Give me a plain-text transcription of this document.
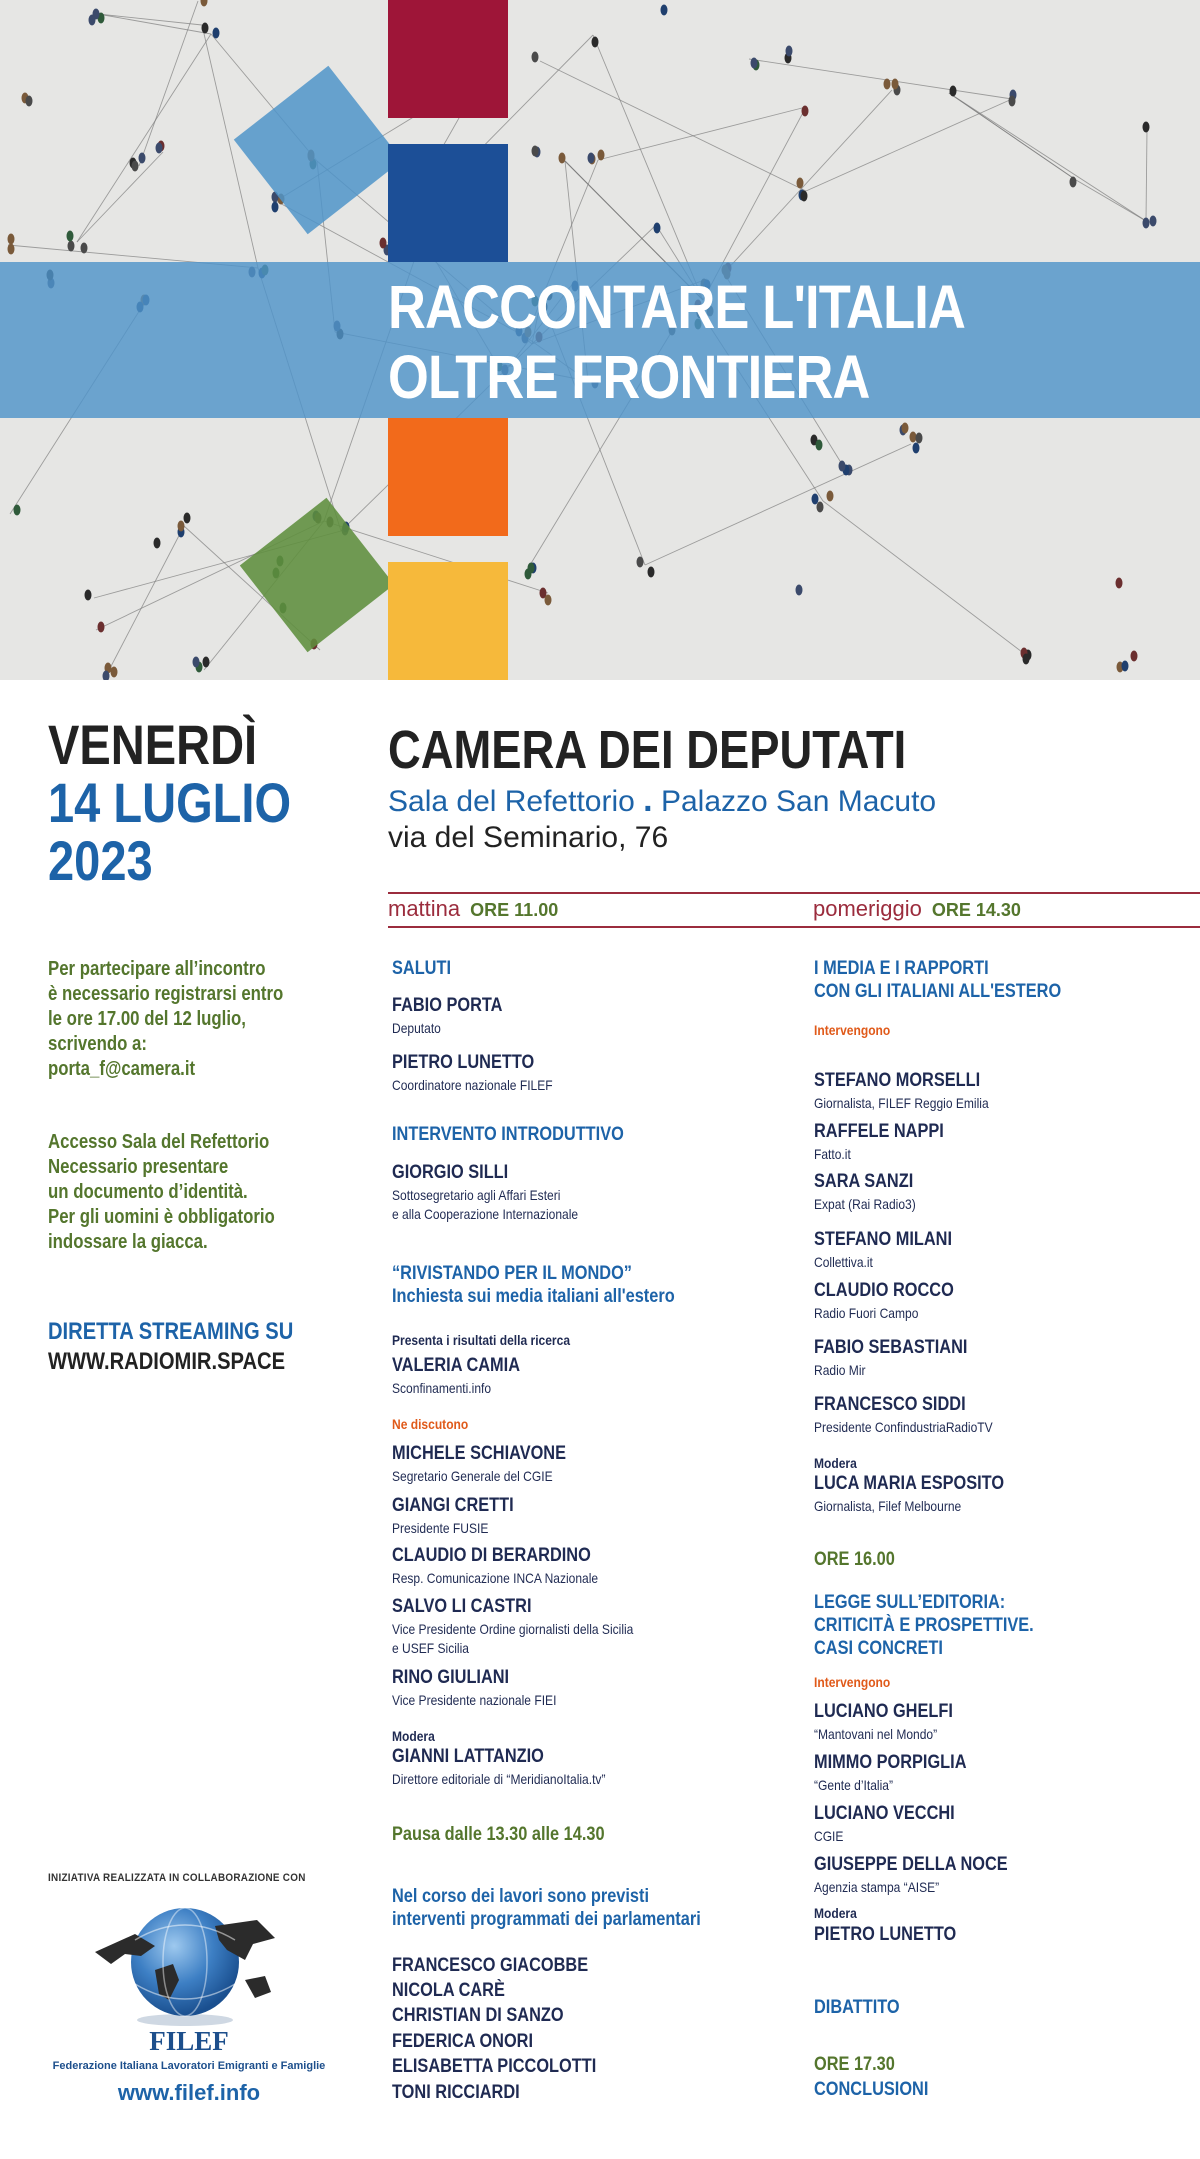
RACCONTARE L'ITALIA
OLTRE FRONTIERA
VENERDÌ
14 LUGLIO
2023
Per partecipare all’incontro
è necessario registrarsi entro
le ore 17.00 del 12 luglio,
scrivendo a:
porta_f@camera.it
Accesso Sala del Refettorio
Necessario presentare
un documento d’identità.
Per gli uomini è obbligatorio
indossare la giacca.
DIRETTA STREAMING SU
WWW.RADIOMIR.SPACE
INIZIATIVA REALIZZATA IN COLLABORAZIONE CON
FILEF
Federazione Italiana Lavoratori Emigranti e Famiglie
www.filef.info
CAMERA DEI DEPUTATI
Sala del Refettorio . Palazzo San Macuto
via del Seminario, 76
mattina ORE 11.00	pomeriggio ORE 14.30
SALUTI
FABIO PORTA
Deputato
PIETRO LUNETTO
Coordinatore nazionale FILEF
INTERVENTO INTRODUTTIVO
GIORGIO SILLI
Sottosegretario agli Affari Esteri
e alla Cooperazione Internazionale
“RIVISTANDO PER IL MONDO”
Inchiesta sui media italiani all'estero
Presenta i risultati della ricerca
VALERIA CAMIA
Sconfinamenti.info
Ne discutono
MICHELE SCHIAVONE
Segretario Generale del CGIE
GIANGI CRETTI
Presidente FUSIE
CLAUDIO DI BERARDINO
Resp. Comunicazione INCA Nazionale
SALVO LI CASTRI
Vice Presidente Ordine giornalisti della Sicilia
e USEF Sicilia
RINO GIULIANI
Vice Presidente nazionale FIEI
Modera
GIANNI LATTANZIO
Direttore editoriale di “MeridianoItalia.tv”
Pausa dalle 13.30 alle 14.30
Nel corso dei lavori sono previsti
interventi programmati dei parlamentari
FRANCESCO GIACOBBE
NICOLA CARÈ
CHRISTIAN DI SANZO
FEDERICA ONORI
ELISABETTA PICCOLOTTI
TONI RICCIARDI
I MEDIA E I RAPPORTI
CON GLI ITALIANI ALL'ESTERO
Intervengono
STEFANO MORSELLI
Giornalista, FILEF Reggio Emilia
RAFFELE NAPPI
Fatto.it
SARA SANZI
Expat (Rai Radio3)
STEFANO MILANI
Collettiva.it
CLAUDIO ROCCO
Radio Fuori Campo
FABIO SEBASTIANI
Radio Mir
FRANCESCO SIDDI
Presidente ConfindustriaRadioTV
Modera
LUCA MARIA ESPOSITO
Giornalista, Filef Melbourne
ORE 16.00
LEGGE SULL’EDITORIA:
CRITICITÀ E PROSPETTIVE.
CASI CONCRETI
Intervengono
LUCIANO GHELFI
“Mantovani nel Mondo”
MIMMO PORPIGLIA
“Gente d’Italia”
LUCIANO VECCHI
CGIE
GIUSEPPE DELLA NOCE
Agenzia stampa “AISE”
Modera
PIETRO LUNETTO
DIBATTITO
ORE 17.30
CONCLUSIONI
